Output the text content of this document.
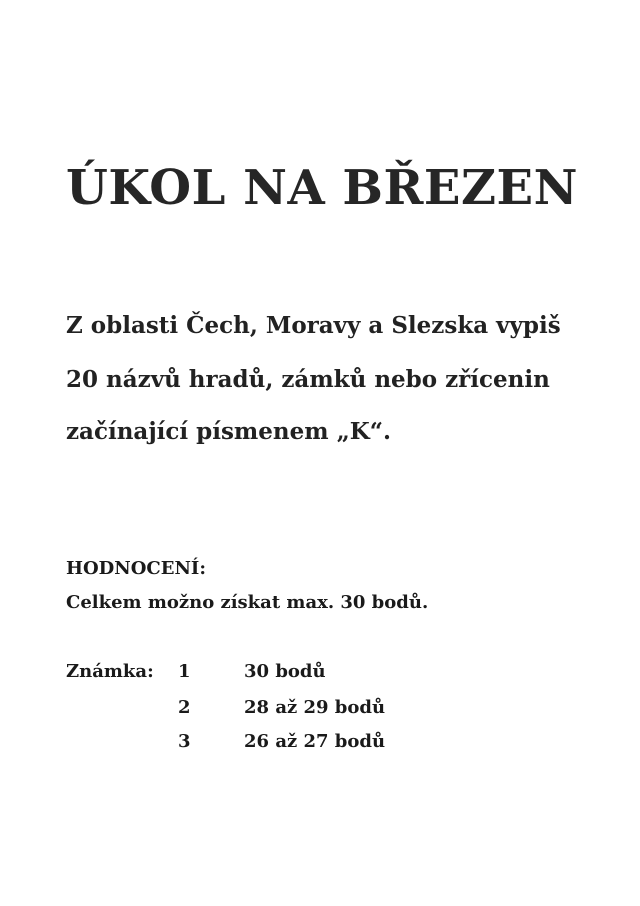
ÚKOL NA BŘEZEN
Z oblasti Čech, Moravy a Slezska vypiš
20 názvů hradů, zámků nebo zřícenin
začínající písmenem „K“.
HODNOCENÍ:
Celkem možno získat max. 30 bodů.
Známka: 1	30 bodů
2	28 až 29 bodů
3	26 až 27 bodů
